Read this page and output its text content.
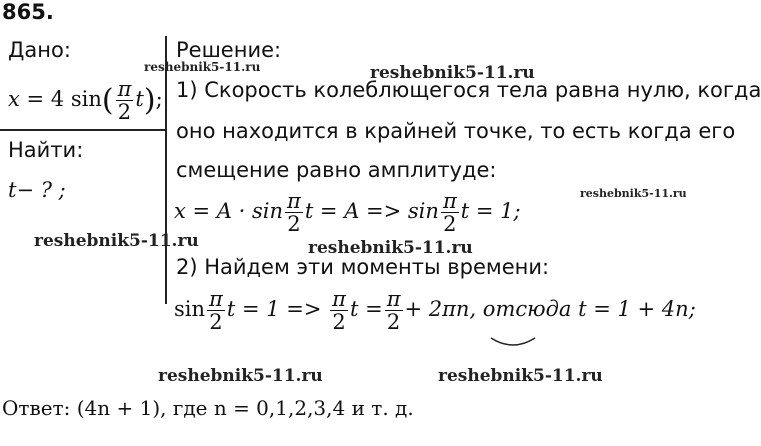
865.
Дано:
x = 4 $\sin( \frac{\pi}{2} t)$;
Найти:
t− ? ;
Решение:
1) Скорость колеблющегося тела равна нулю, когда
оно находится в крайней точке, то есть когда его
смещение равно амплитуде:
$x = A \cdot \sin \frac{\pi}{2}$ $t = A => \sin \frac{\pi}{2}$ t = 1;
2) Найдем эти моменты времени:
$\sin \frac{\pi}{2}$ $t = 1 => \frac{\pi}{2}$ $t = \frac{\pi}{2} + 2\pi n$, отсюда t = 1 + 4n;
Ответ: (4n + 1), где n = 0,1,2,3,4 и т. д.
reshebnik5-11.ru	reshebnik5-11.ru
reshebnik5-11.ru
reshebnik5-11.ru	reshebnik5-11.ru
reshebnik5-11.ru	reshebnik5-11.ru
